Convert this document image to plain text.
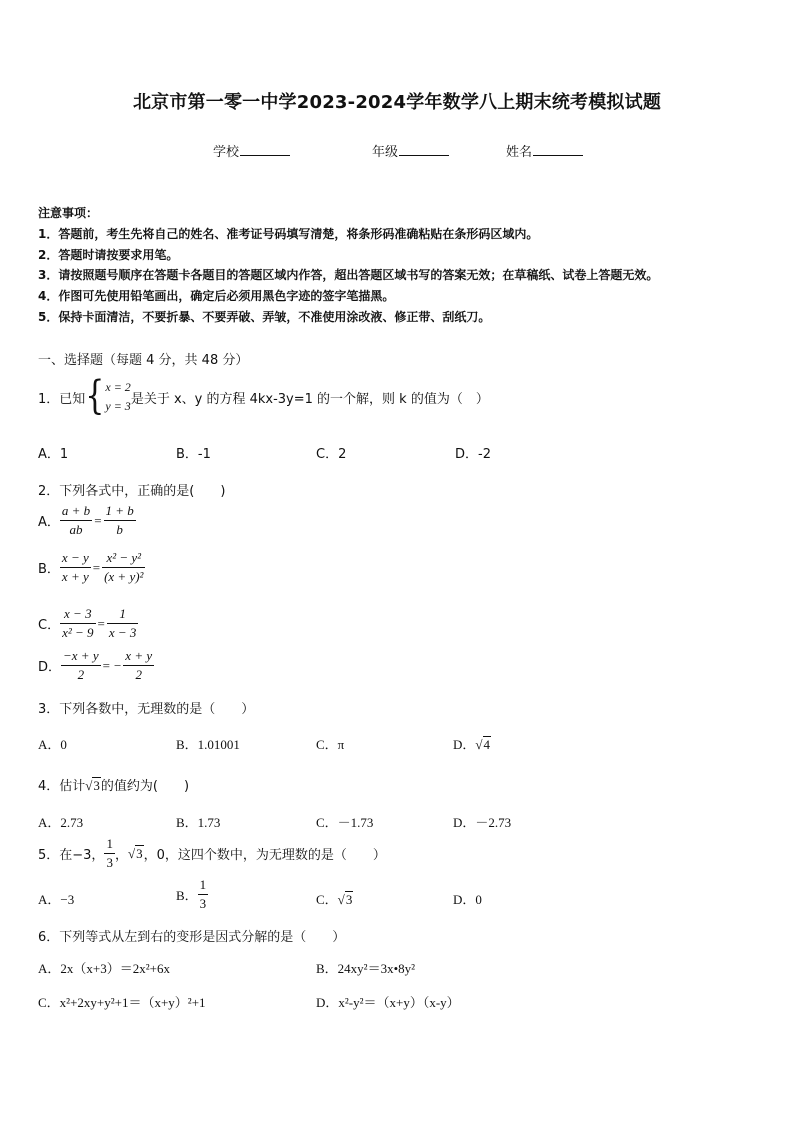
北京市第一零一中学2023-2024学年数学八上期末统考模拟试题
学校	年级	姓名
注意事项：
1．答题前，考生先将自己的姓名、准考证号码填写清楚，将条形码准确粘贴在条形码区域内。
2．答题时请按要求用笔。
3．请按照题号顺序在答题卡各题目的答题区域内作答，超出答题区域书写的答案无效；在草稿纸、试卷上答题无效。
4．作图可先使用铅笔画出，确定后必须用黑色字迹的签字笔描黑。
5．保持卡面清洁，不要折暴、不要弄破、弄皱，不准使用涂改液、修正带、刮纸刀。
一、选择题（每题 4 分，共 48 分）
1．已知 { x = 2
y = 3 是关于 x、y 的方程 4kx-3y=1 的一个解，则 k 的值为（　）
A．1	B．-1	C．2	D．-2
2．下列各式中，正确的是(　　)
A． $\frac{a + b}{ab} = \frac{1 + b}{b}$
B． $\frac{x - y}{x + y} = \frac{\text{x² − y²}}{\text{(x + y)²}}$
C． $\frac{x - 3}{\text{x² − 9}} = \frac{1}{x - 3}$
D． $\frac{-x + y}{2}$ = − $\frac{x + y}{2}$
3．下列各数中，无理数的是（　　）
A．0	B．1.01001	C．π	D．√4
4．估计√3的值约为(　　)
A．2.73	B．1.73	C．－1.73	D．－2.73
5．在−3， $\frac{1}{3}$ ， √3 ，0，这四个数中，为无理数的是（　　）
A．−3	B． $\frac{1}{3}$	C．√3	D．0
6．下列等式从左到右的变形是因式分解的是（　　）
A．2x（x+3）＝2x²+6x	B．24xy²＝3x•8y²
C．x²+2xy+y²+1＝（x+y）²+1	D．x²-y²＝（x+y）（x-y）
